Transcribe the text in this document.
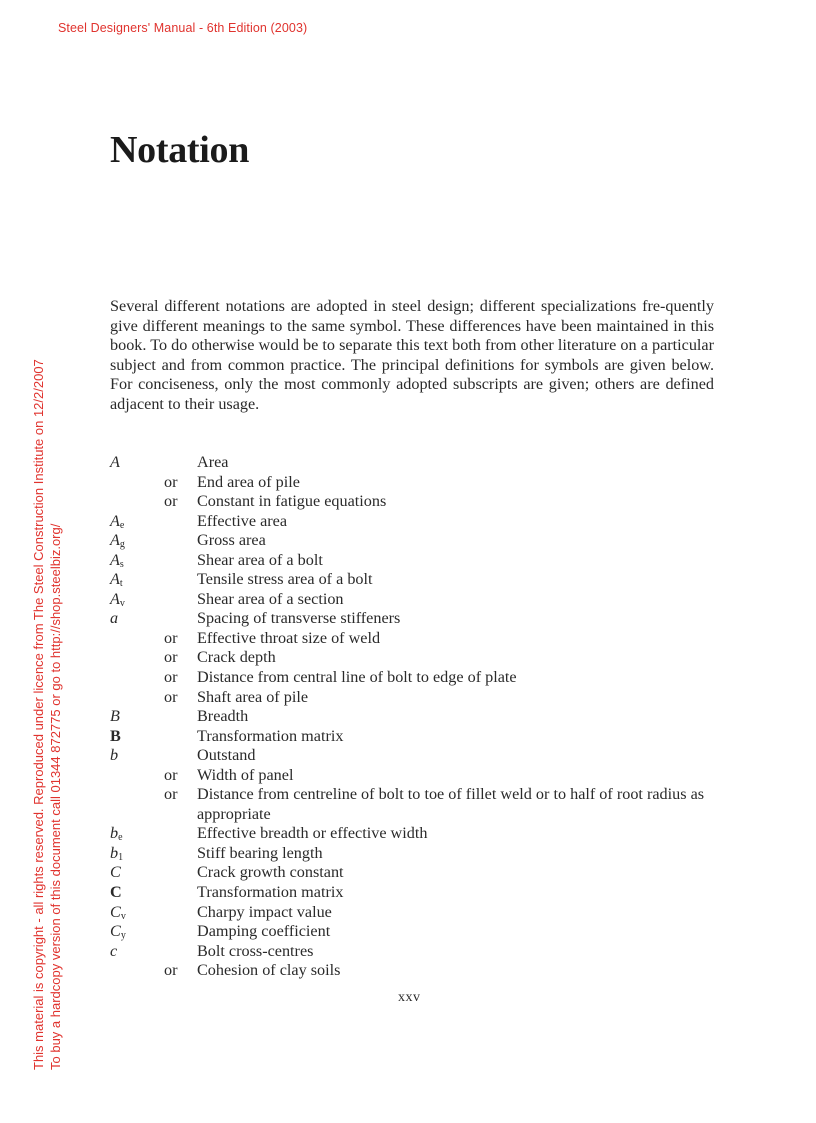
Steel Designers' Manual - 6th Edition (2003)
This material is copyright - all rights reserved. Reproduced under licence from The Steel Construction Institute on 12/2/2007 To buy a hardcopy version of this document call 01344 872775 or go to http://shop.steelbiz.org/
Notation

Several different notations are adopted in steel design; different specializations fre-quently give different meanings to the same symbol. These differences have been maintained in this book. To do otherwise would be to separate this text both from other literature on a particular subject and from common practice. The principal definitions for symbols are given below. For conciseness, only the most commonly adopted subscripts are given; others are defined adjacent to their usage.

A	Area
or End area of pile
or Constant in fatigue equations
$A_e$	Effective area
$A_g$	Gross area
$A_s$	Shear area of a bolt
$A_t$	Tensile stress area of a bolt
$A_v$	Shear area of a section
a	Spacing of transverse stiffeners
or Effective throat size of weld
or Crack depth
or Distance from central line of bolt to edge of plate
or Shaft area of pile
B	Breadth
B	Transformation matrix
b	Outstand
or Width of panel
or Distance from centreline of bolt to toe of fillet weld or to half of root radius as appropriate
$b_e$	Effective breadth or effective width
$b_1$	Stiff bearing length
C	Crack growth constant
C	Transformation matrix
$C_v$	Charpy impact value
$C_y$	Damping coefficient
c	Bolt cross-centres
or Cohesion of clay soils
xxv
